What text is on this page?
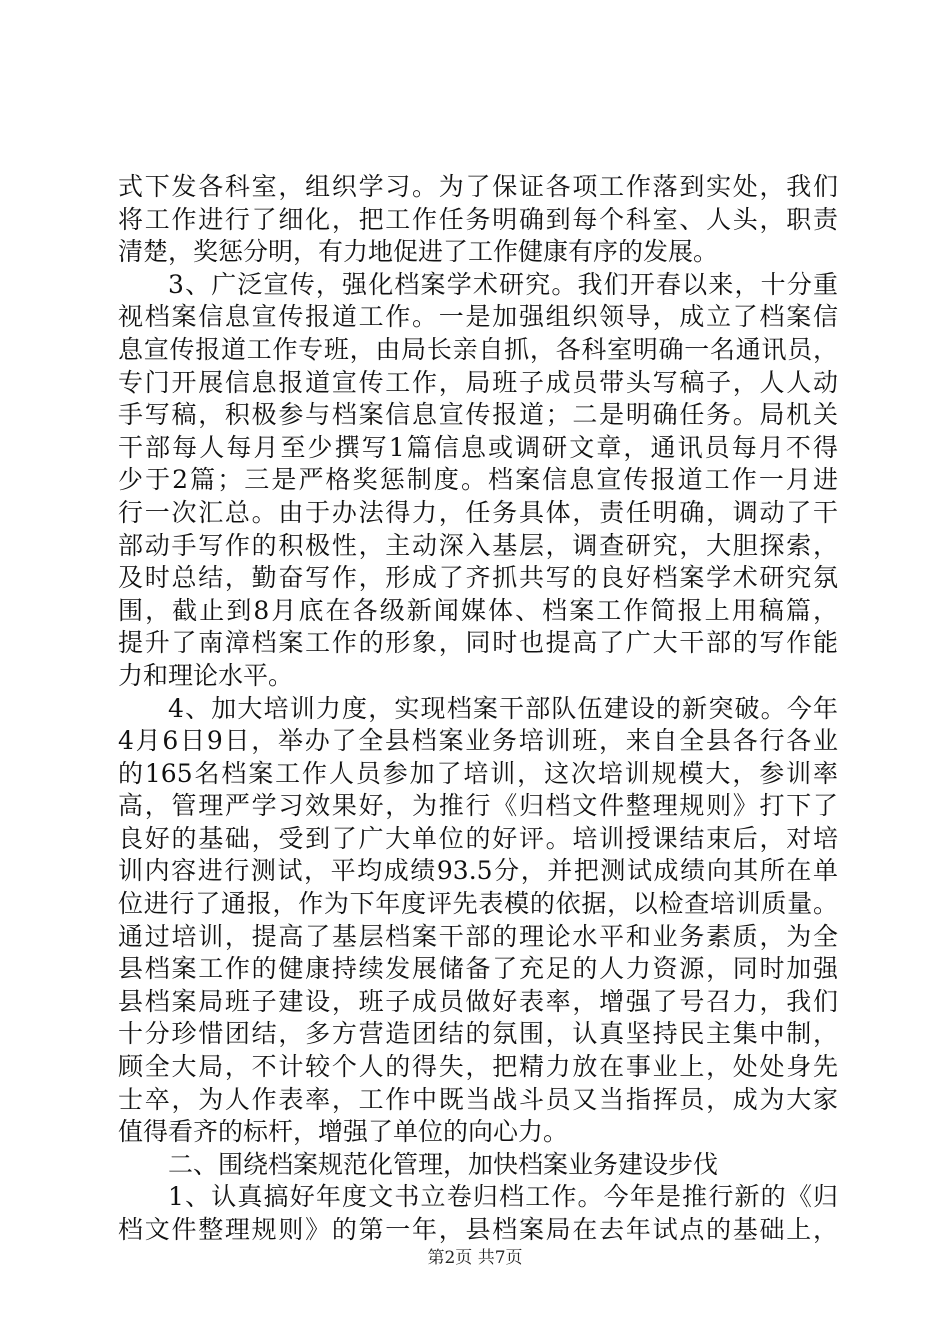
式下发各科室，组织学习。为了保证各项工作落到实处，我们
将工作进行了细化，把工作任务明确到每个科室、人头，职责
清楚，奖惩分明，有力地促进了工作健康有序的发展。
3、广泛宣传，强化档案学术研究。我们开春以来，十分重
视档案信息宣传报道工作。一是加强组织领导，成立了档案信
息宣传报道工作专班，由局长亲自抓，各科室明确一名通讯员，
专门开展信息报道宣传工作，局班子成员带头写稿子，人人动
手写稿，积极参与档案信息宣传报道；二是明确任务。局机关
干部每人每月至少撰写1篇信息或调研文章，通讯员每月不得
少于2篇；三是严格奖惩制度。档案信息宣传报道工作一月进
行一次汇总。由于办法得力，任务具体，责任明确，调动了干
部动手写作的积极性，主动深入基层，调查研究，大胆探索，
及时总结，勤奋写作，形成了齐抓共写的良好档案学术研究氛
围，截止到8月底在各级新闻媒体、档案工作简报上用稿篇，
提升了南漳档案工作的形象，同时也提高了广大干部的写作能
力和理论水平。
4、加大培训力度，实现档案干部队伍建设的新突破。今年
4月6日9日，举办了全县档案业务培训班，来自全县各行各业
的165名档案工作人员参加了培训，这次培训规模大，参训率
高，管理严学习效果好，为推行《归档文件整理规则》打下了
良好的基础，受到了广大单位的好评。培训授课结束后，对培
训内容进行测试，平均成绩93.5分，并把测试成绩向其所在单
位进行了通报，作为下年度评先表模的依据，以检查培训质量。
通过培训，提高了基层档案干部的理论水平和业务素质，为全
县档案工作的健康持续发展储备了充足的人力资源，同时加强
县档案局班子建设，班子成员做好表率，增强了号召力，我们
十分珍惜团结，多方营造团结的氛围，认真坚持民主集中制，
顾全大局，不计较个人的得失，把精力放在事业上，处处身先
士卒，为人作表率，工作中既当战斗员又当指挥员，成为大家
值得看齐的标杆，增强了单位的向心力。
二、围绕档案规范化管理，加快档案业务建设步伐
1、认真搞好年度文书立卷归档工作。今年是推行新的《归
档文件整理规则》的第一年，县档案局在去年试点的基础上，
第2页 共7页
